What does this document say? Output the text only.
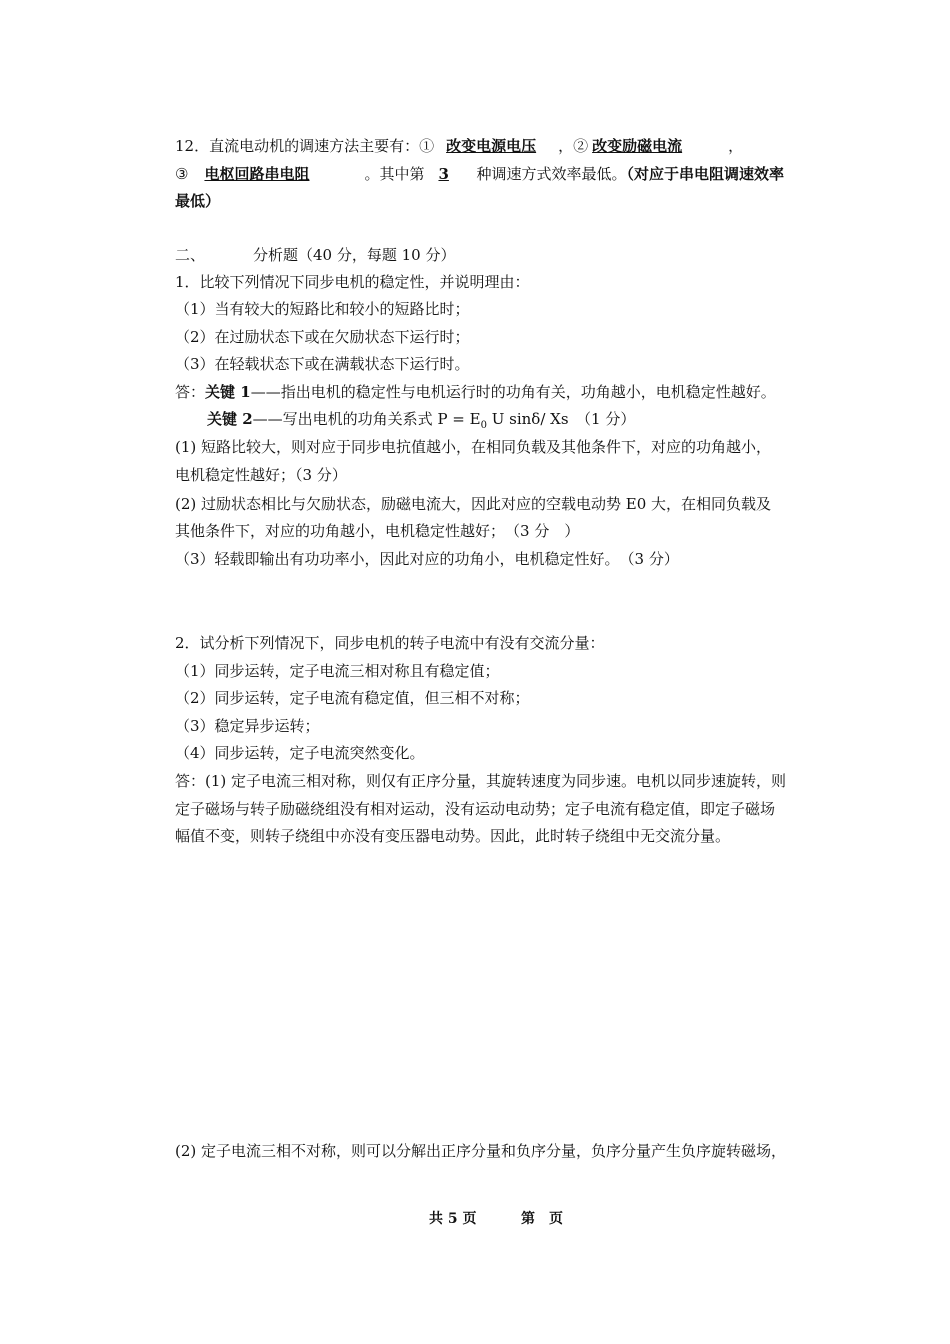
12．直流电动机的调速方法主要有：① 改变电源电压 ，② 改变励磁电流	，
③ 电枢回路串电阻	。其中第 3 种调速方式效率最低。（对应于串电阻调速效率
最低）
二、	分析题（40 分，每题 10 分）
1．比较下列情况下同步电机的稳定性，并说明理由：
（1）当有较大的短路比和较小的短路比时；
（2）在过励状态下或在欠励状态下运行时；
（3）在轻载状态下或在满载状态下运行时。
答：关键 1——指出电机的稳定性与电机运行时的功角有关，功角越小，电机稳定性越好。
关键 2——写出电机的功角关系式 $P = E_0$ U sinδ/ Xs　（1 分）
(1) 短路比较大，则对应于同步电抗值越小，在相同负载及其他条件下，对应的功角越小，
电机稳定性越好；（3 分）
(2) 过励状态相比与欠励状态，励磁电流大，因此对应的空载电动势 E0 大，在相同负载及
其他条件下，对应的功角越小，电机稳定性越好；　（3 分　）
（3）轻载即输出有功功率小，因此对应的功角小，电机稳定性好。　（3 分）
2．试分析下列情况下，同步电机的转子电流中有没有交流分量：
（1）同步运转，定子电流三相对称且有稳定值；
（2）同步运转，定子电流有稳定值，但三相不对称；
（3）稳定异步运转；
（4）同步运转，定子电流突然变化。
答：(1) 定子电流三相对称，则仅有正序分量，其旋转速度为同步速。电机以同步速旋转，则
定子磁场与转子励磁绕组没有相对运动，没有运动电动势；定子电流有稳定值，即定子磁场
幅值不变，则转子绕组中亦没有变压器电动势。因此，此时转子绕组中无交流分量。
(2) 定子电流三相不对称，则可以分解出正序分量和负序分量，负序分量产生负序旋转磁场，
共 5 页	第　页
